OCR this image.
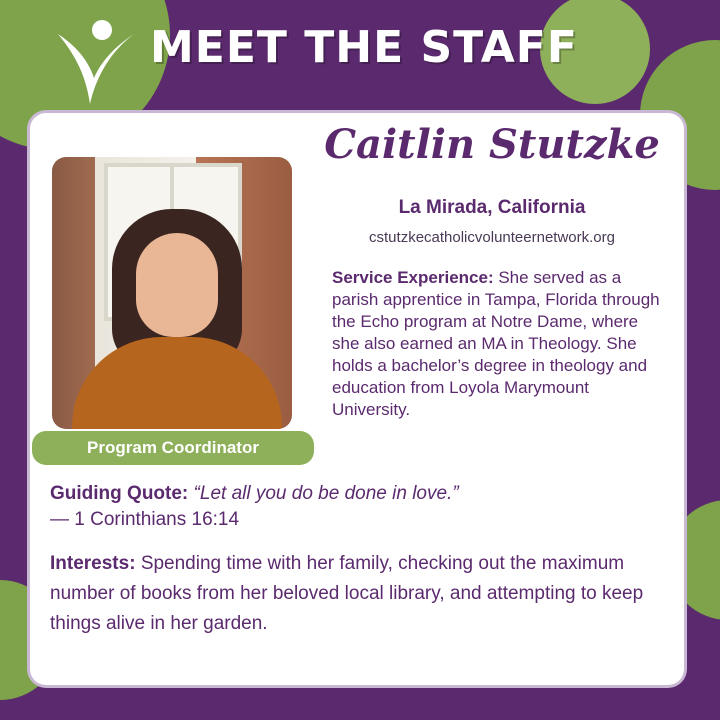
MEET THE STAFF
Program Coordinator
Caitlin Stutzke
La Mirada, California
cstutzkecatholicvolunteernetwork.org
Service Experience: She served as a parish apprentice in Tampa, Florida through the Echo program at Notre Dame, where she also earned an MA in Theology. She holds a bachelor’s degree in theology and education from Loyola Marymount University.
Guiding Quote: “Let all you do be done in love.”
— 1 Corinthians 16:14
Interests: Spending time with her family, checking out the maximum number of books from her beloved local library, and attempting to keep things alive in her garden.
